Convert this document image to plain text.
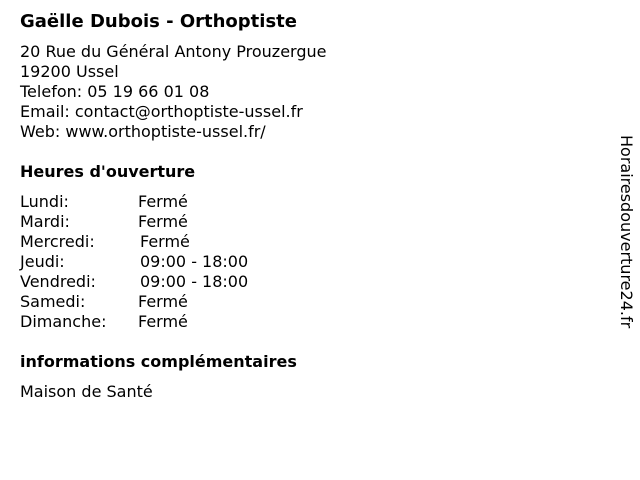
Gaëlle Dubois - Orthoptiste
20 Rue du Général Antony Prouzergue
19200 Ussel
Telefon: 05 19 66 01 08
Email: contact@orthoptiste-ussel.fr
Web: www.orthoptiste-ussel.fr/
Heures d'ouverture
Lundi:	Fermé
Mardi:	Fermé
Mercredi:	Fermé
Jeudi:	09:00 - 18:00
Vendredi:	09:00 - 18:00
Samedi:	Fermé
Dimanche:	Fermé
informations complémentaires
Maison de Santé
Horairesdouverture24.fr
